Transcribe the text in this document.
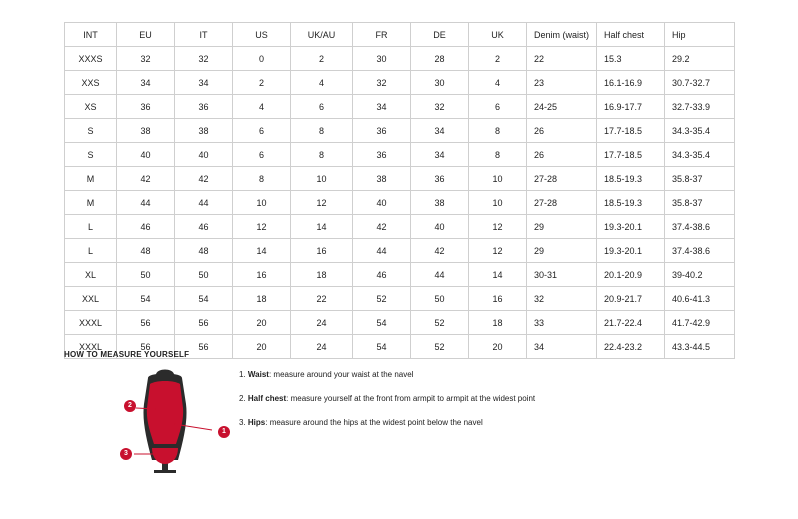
INT	EU	IT	US	UK/AU	FR	DE	UK	Denim (waist)	Half chest	Hip
XXXS	32	32	0	2	30	28	2	22	15.3	29.2
XXS	34	34	2	4	32	30	4	23	16.1-16.9	30.7-32.7
XS	36	36	4	6	34	32	6	24-25	16.9-17.7	32.7-33.9
S	38	38	6	8	36	34	8	26	17.7-18.5	34.3-35.4
S	40	40	6	8	36	34	8	26	17.7-18.5	34.3-35.4
M	42	42	8	10	38	36	10	27-28	18.5-19.3	35.8-37
M	44	44	10	12	40	38	10	27-28	18.5-19.3	35.8-37
L	46	46	12	14	42	40	12	29	19.3-20.1	37.4-38.6
L	48	48	14	16	44	42	12	29	19.3-20.1	37.4-38.6
XL	50	50	16	18	46	44	14	30-31	20.1-20.9	39-40.2
XXL	54	54	18	22	52	50	16	32	20.9-21.7	40.6-41.3
XXXL	56	56	20	24	54	52	18	33	21.7-22.4	41.7-42.9
XXXL	56	56	20	24	54	52	20	34	22.4-23.2	43.3-44.5
HOW TO MEASURE YOURSELF
1
2
3
1. Waist: measure around your waist at the navel
2. Half chest: measure yourself at the front from armpit to armpit at the widest point
3. Hips: measure around the hips at the widest point below the navel
